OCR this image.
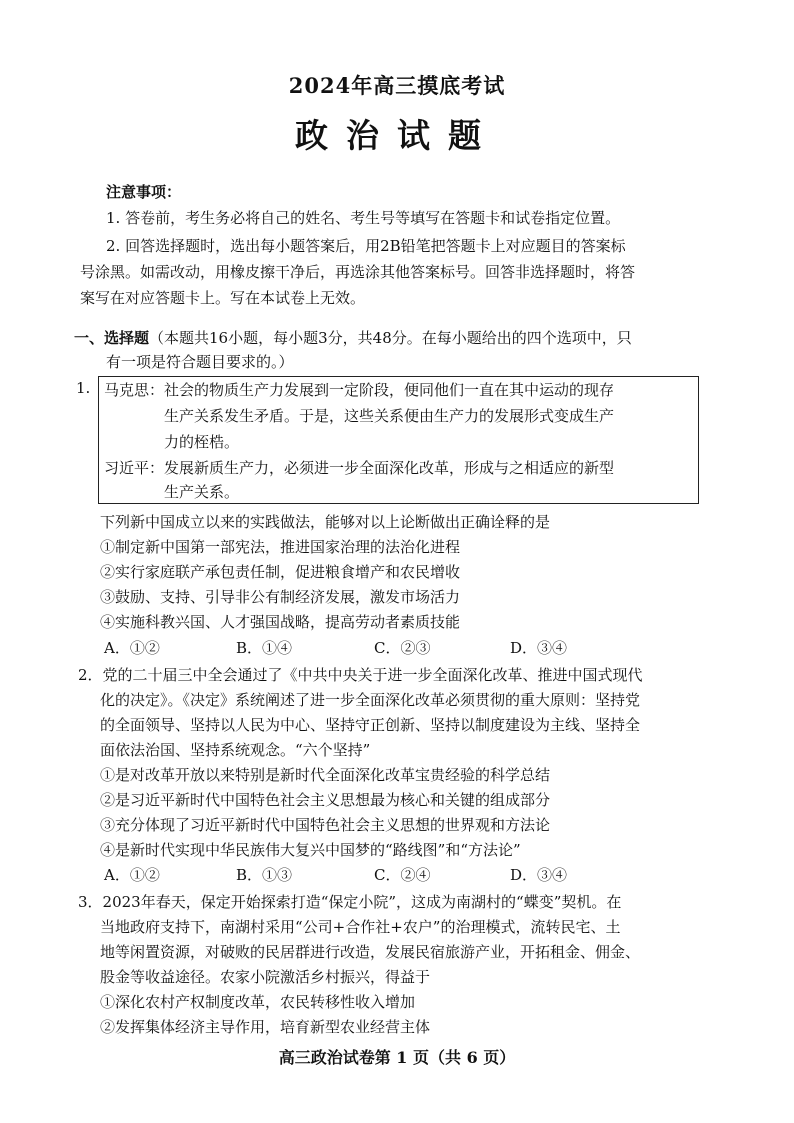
2024年高三摸底考试
政治试题
注意事项：
1. 答卷前，考生务必将自己的姓名、考生号等填写在答题卡和试卷指定位置。
2. 回答选择题时，选出每小题答案后，用2B铅笔把答题卡上对应题目的答案标
号涂黑。如需改动，用橡皮擦干净后，再选涂其他答案标号。回答非选择题时，将答
案写在对应答题卡上。写在本试卷上无效。
一、选择题（本题共16小题，每小题3分，共48分。在每小题给出的四个选项中，只
有一项是符合题目要求的。）
1. 马克思：社会的物质生产力发展到一定阶段，便同他们一直在其中运动的现存
生产关系发生矛盾。于是，这些关系便由生产力的发展形式变成生产
力的桎梏。
习近平：发展新质生产力，必须进一步全面深化改革，形成与之相适应的新型
生产关系。
下列新中国成立以来的实践做法，能够对以上论断做出正确诠释的是
①制定新中国第一部宪法，推进国家治理的法治化进程
②实行家庭联产承包责任制，促进粮食增产和农民增收
③鼓励、支持、引导非公有制经济发展，激发市场活力
④实施科教兴国、人才强国战略，提高劳动者素质技能
A．①②	B．①④	C．②③	D．③④
2．党的二十届三中全会通过了《中共中央关于进一步全面深化改革、推进中国式现代
化的决定》。《决定》系统阐述了进一步全面深化改革必须贯彻的重大原则：坚持党
的全面领导、坚持以人民为中心、坚持守正创新、坚持以制度建设为主线、坚持全
面依法治国、坚持系统观念。“六个坚持”
①是对改革开放以来特别是新时代全面深化改革宝贵经验的科学总结
②是习近平新时代中国特色社会主义思想最为核心和关键的组成部分
③充分体现了习近平新时代中国特色社会主义思想的世界观和方法论
④是新时代实现中华民族伟大复兴中国梦的“路线图”和“方法论”
A．①②	B．①③	C．②④	D．③④
3．2023年春天，保定开始探索打造“保定小院”，这成为南湖村的“蝶变”契机。在
当地政府支持下，南湖村采用“公司+合作社+农户”的治理模式，流转民宅、土
地等闲置资源，对破败的民居群进行改造，发展民宿旅游产业，开拓租金、佣金、
股金等收益途径。农家小院激活乡村振兴，得益于
①深化农村产权制度改革，农民转移性收入增加
②发挥集体经济主导作用，培育新型农业经营主体
高三政治试卷第 1 页（共 6 页）
